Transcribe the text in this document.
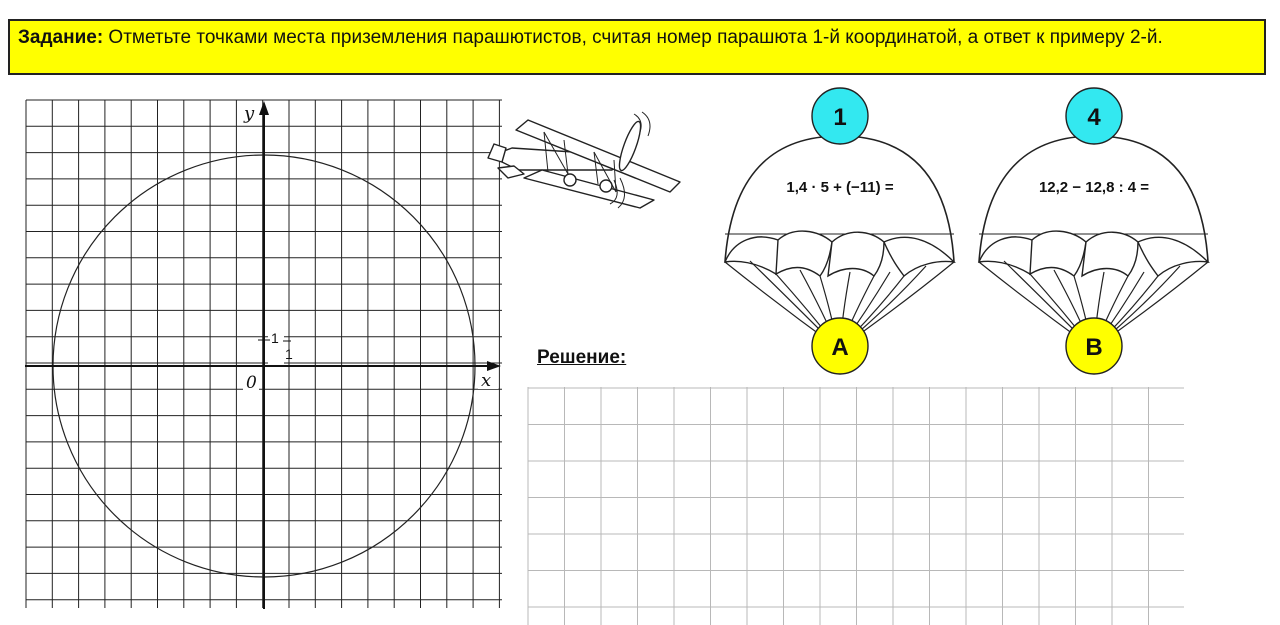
Задание: Отметьте точками места приземления парашютистов, считая номер парашюта 1-й координатой, а ответ к примеру 2-й.
y
x
0
1
1
1
1,4 · 5 + (−11) =
A
4
12,2 − 12,8 : 4 =
B
Решение:
